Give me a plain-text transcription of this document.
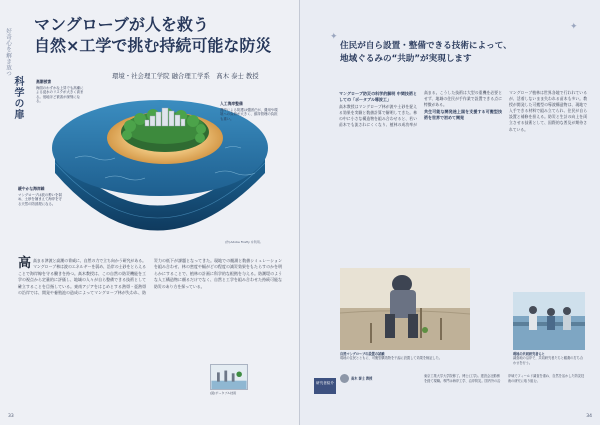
好奇心を解き放つ
科学の扉
マングローブが人を救う
自然×工学で挑む持続可能な防災
環境・社会理工学院 融合理工学系　髙木 泰士 教授
高潮被害
海面のわずかな上昇でも高潮による浸水のリスクが大きく高まる。低地ほど被害が深刻になる。	人工海岸整備
護岸による防護は強固だが、費用や環境への負荷が大きく、維持管理の負担も重い。
緩やかな海岸線
マングローブは波の勢いを弱め、土砂を捕まえて海岸を守る天然の防波堤になる。
(作)Adobe Firefly を利用。
高高まる津波と高潮の脅威に、自然の力で立ち向かう研究がある。マングローブ林は波のエネルギーを弱め、沿岸の土砂をとらえることで海岸線を守る働きを持つ。髙木教授は、この自然の防災機能を工学の視点から定量的に評価し、地域の人々が自ら整備できる技術として確立することを目指している。東南アジアをはじめとする熱帯・亜熱帯の沿岸では、開発や養殖池の造成によってマングローブ林が失われ、防災力の低下が課題となってきた。現地での観測と数値シミュレーションを組み合わせ、林の密度や幅がどの程度の減災効果をもたらすのかを明らかにすることで、植林の計画に科学的な根拠を与える。防潮堤のような人工構造物に頼るだけでなく、自然と工学を組み合わせた持続可能な防災のあり方を探っている。
(図)ポータブル技術
33
✦
✦
住民が自ら設置・整備できる技術によって、
地域ぐるみの“共助”が実現します
マングローブ防災の科学的解明 中間技術としての「ポータブル導波工」
高木教授はマングローブ林が波や土砂を捉える効果を実験と数値計算で解明してきた。林の中に小さな構造物を組み合わせると、若い苗木でも流されにくくなり、植林の成功率が高まる。こうした技術は大型の重機を必要とせず、地域の住民が手作業で設置できる点に特徴がある。
共生可能な開発途上国を支援する可搬型技術を世界で初めて開発
マングローブ植林は世界各地で行われているが、活着しないまま失われる苗木も多い。教授が開発した可搬型の導波構造物は、現地で入手できる材料で組み立てられ、住民が自ら設置と補修を担える。防災と生計の向上を両立させる技術として、国際的な普及が期待されている。
自然マングローブの設置の試験
現地の住民とともに、可搬型構造物を干潟に設置して効果を検証した。
現地の共同研究者らと
調査地の沿岸で、共同研究者たちと観測の打ち合わせを行う。
研究者紹介
髙木 泰士 教授
東京工業大学大学院修了。博士(工学)。建設会社勤務を経て現職。専門は海岸工学、沿岸防災。国内外の沿岸域でフィールド調査を重ね、自然を活かした防災技術の研究に取り組む。
34
